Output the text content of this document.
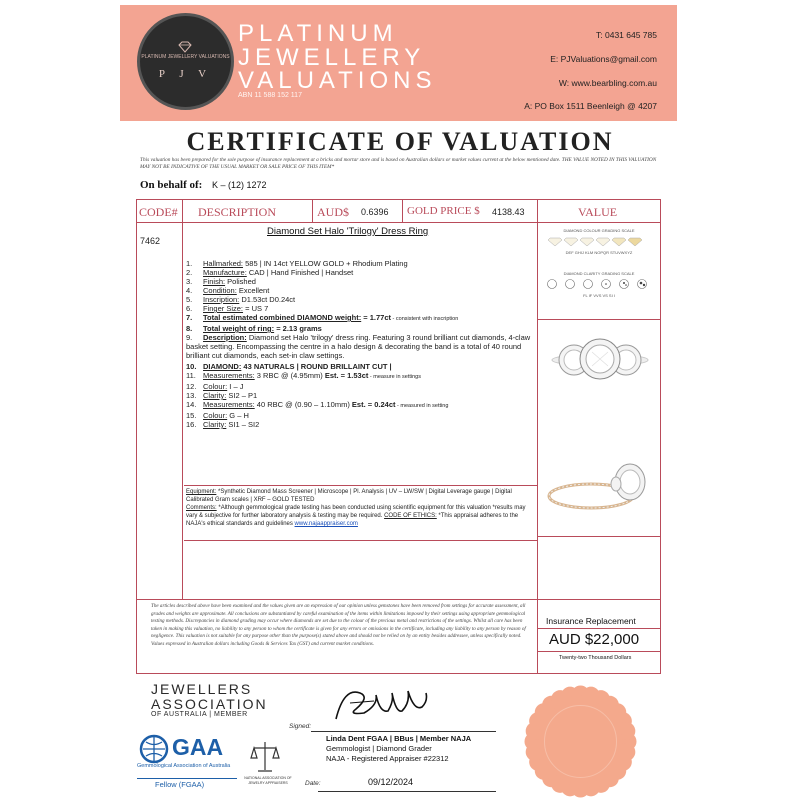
PLATINUM JEWELLERY VALUATIONS
P J V
PLATINUM
JEWELLERY
VALUATIONS
ABN 11 588 152 117
T: 0431 645 785
E: PJValuations@gmail.com
W: www.bearbling.com.au
A: PO Box 1511 Beenleigh @ 4207
CERTIFICATE OF VALUATION
This valuation has been prepared for the sole purpose of insurance replacement at a bricks and mortar store and is based on Australian dollars or market values current at the below mentioned date. THE VALUE NOTED IN THIS VALUATION MAY NOT BE INDICATIVE OF THE USUAL MARKET OR SALE PRICE OF THIS ITEM*
On behalf of: K – (12) 1272
CODE# DESCRIPTION	AUD$ 0.6396 GOLD PRICE $ 4138.43	VALUE
7462
Diamond Set Halo 'Trilogy' Dress Ring
1. Hallmarked: 585 | IN 14ct YELLOW GOLD + Rhodium Plating
2. Manufacture: CAD | Hand Finished | Handset
3. Finish: Polished
4. Condition: Excellent
5. Inscription: D1.53ct D0.24ct
6. Finger Size: = US 7
7. Total estimated combined DIAMOND weight: = 1.77ct - consistent with inscription
8. Total weight of ring: = 2.13 grams
9. Description: Diamond set Halo 'trilogy' dress ring. Featuring 3 round brilliant cut diamonds, 4-claw basket setting. Encompassing the centre in a halo design & decorating the band is a total of 40 round brilliant cut diamonds, each set-in claw settings.
10. DIAMOND: 43 NATURALS | ROUND BRILLAINT CUT |
11. Measurements: 3 RBC @ (4.95mm) Est. = 1.53ct - measure in settings
12. Colour: I – J
13. Clarity: SI2 – P1
14. Measurements: 40 RBC @ (0.90 – 1.10mm) Est. = 0.24ct - measured in setting
15. Colour: G – H
16. Clarity: SI1 – SI2
Equipment: *Synthetic Diamond Mass Screener | Microscope | Pl. Analysis | UV – LW/SW | Digital Leverage gauge | Digital Calibrated Gram scales | XRF – GOLD TESTED
Comments: *Although gemmological grade testing has been conducted using scientific equipment for this valuation *results may vary & subjective for further laboratory analysis & testing may be required. CODE OF ETHICS: *This appraisal adheres to the NAJA's ethical standards and guidelines www.najaappraiser.com
DIAMOND COLOUR GRADING SCALE
DEF GHIJ KLM NOPQR STUVWXYZ
DIAMOND CLARITY GRADING SCALE
FL IF VVS VS SI I
The articles described above have been examined and the values given are an expression of our opinion unless gemstones have been removed from settings for accurate assessment, all grades and weights are approximate. All conclusions are substantiated by careful examination of the items within limitations imposed by their settings using appropriate gemmological testing methods. Discrepancies in diamond grading may occur where diamonds are set due to the colour of the precious metal and restrictions of the settings. Whilst all care has been taken in making this valuation, no liability to any person to whom the certificate is given for any errors or omissions in the certificate, including any liability to any person by reason of negligence. This valuation is not suitable for any purpose other than the purpose(s) stated above and should not be relied on by an entity besides addressee, unless specifically noted. Values expressed in Australian dollars including Goods & Services Tax (GST) and current market conditions.
Insurance Replacement
AUD $22,000
Twenty-two Thousand Dollars
JEWELLERS
ASSOCIATION
OF AUSTRALIA | MEMBER
GAA
Gemmological Association of Australia
Fellow (FGAA)
NATIONAL ASSOCIATION OF JEWELRY APPRAISERS
Signed:
Linda Dent FGAA | BBus | Member NAJA
Gemmologist | Diamond Grader
NAJA - Registered Appraiser #22312
Date:	09/12/2024
